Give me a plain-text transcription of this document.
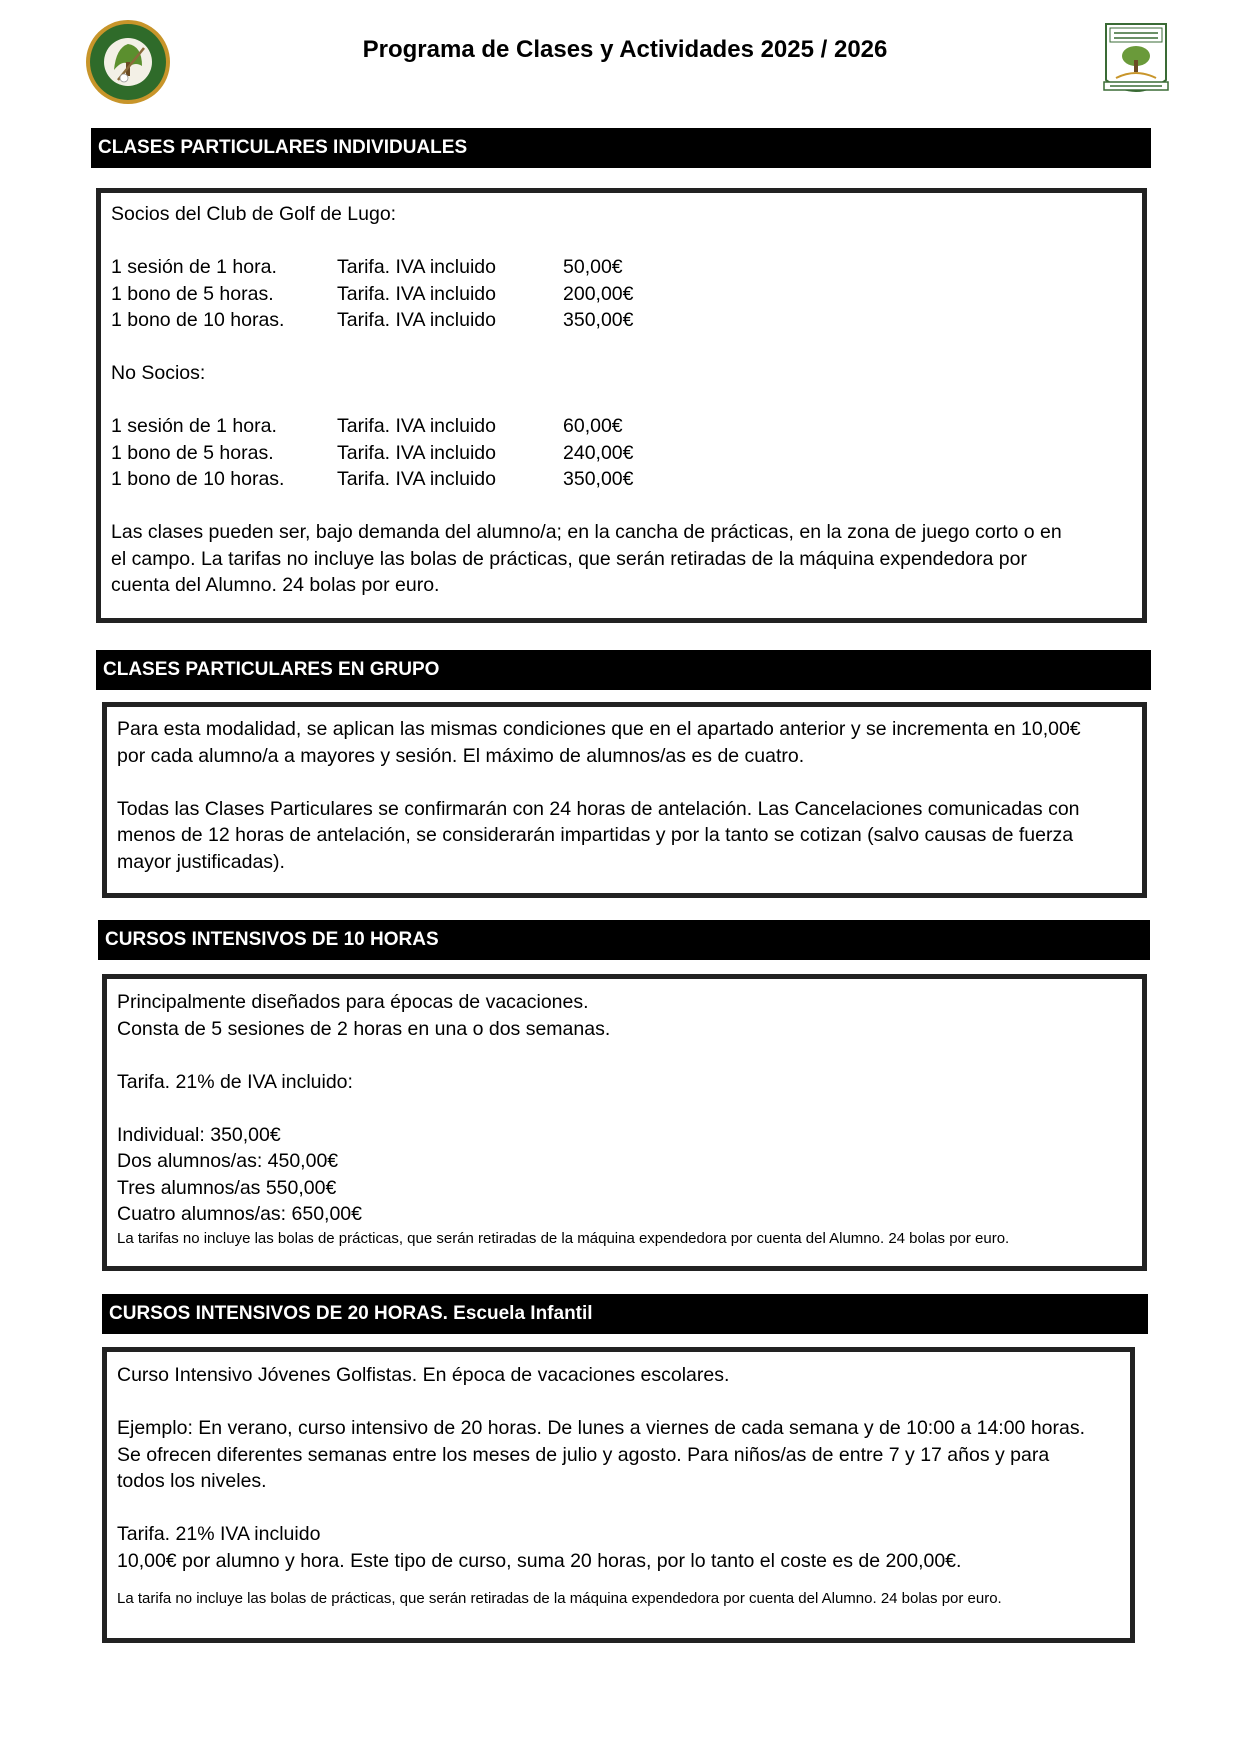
Programa de Clases y Actividades 2025 / 2026
CLASES PARTICULARES INDIVIDUALES
Socios del Club de Golf de Lugo:
1 sesión de 1 hora.	Tarifa. IVA incluido	50,00€
1 bono de 5 horas.	Tarifa. IVA incluido	200,00€
1 bono de 10 horas.	Tarifa. IVA incluido	350,00€
No Socios:
1 sesión de 1 hora.	Tarifa. IVA incluido	60,00€
1 bono de 5 horas.	Tarifa. IVA incluido	240,00€
1 bono de 10 horas.	Tarifa. IVA incluido	350,00€
Las clases pueden ser, bajo demanda del alumno/a; en la cancha de prácticas, en la zona de juego corto o en
el campo. La tarifas no incluye las bolas de prácticas, que serán retiradas de la máquina expendedora por
cuenta del Alumno. 24 bolas por euro.
CLASES PARTICULARES EN GRUPO
Para esta modalidad, se aplican las mismas condiciones que en el apartado anterior y se incrementa en 10,00€
por cada alumno/a a mayores y sesión. El máximo de alumnos/as es de cuatro.
Todas las Clases Particulares se confirmarán con 24 horas de antelación. Las Cancelaciones comunicadas con
menos de 12 horas de antelación, se considerarán impartidas y por la tanto se cotizan (salvo causas de fuerza
mayor justificadas).
CURSOS INTENSIVOS DE 10 HORAS
Principalmente diseñados para épocas de vacaciones.
Consta de 5 sesiones de 2 horas en una o dos semanas.
Tarifa. 21% de IVA incluido:
Individual: 350,00€
Dos alumnos/as: 450,00€
Tres alumnos/as 550,00€
Cuatro alumnos/as: 650,00€
La tarifas no incluye las bolas de prácticas, que serán retiradas de la máquina expendedora por cuenta del Alumno. 24 bolas por euro.
CURSOS INTENSIVOS DE 20 HORAS. Escuela Infantil
Curso Intensivo Jóvenes Golfistas. En época de vacaciones escolares.
Ejemplo: En verano, curso intensivo de 20 horas. De lunes a viernes de cada semana y de 10:00 a 14:00 horas.
Se ofrecen diferentes semanas entre los meses de julio y agosto. Para niños/as de entre 7 y 17 años y para
todos los niveles.
Tarifa. 21% IVA incluido
10,00€ por alumno y hora. Este tipo de curso, suma 20 horas, por lo tanto el coste es de 200,00€.
La tarifa no incluye las bolas de prácticas, que serán retiradas de la máquina expendedora por cuenta del Alumno. 24 bolas por euro.
